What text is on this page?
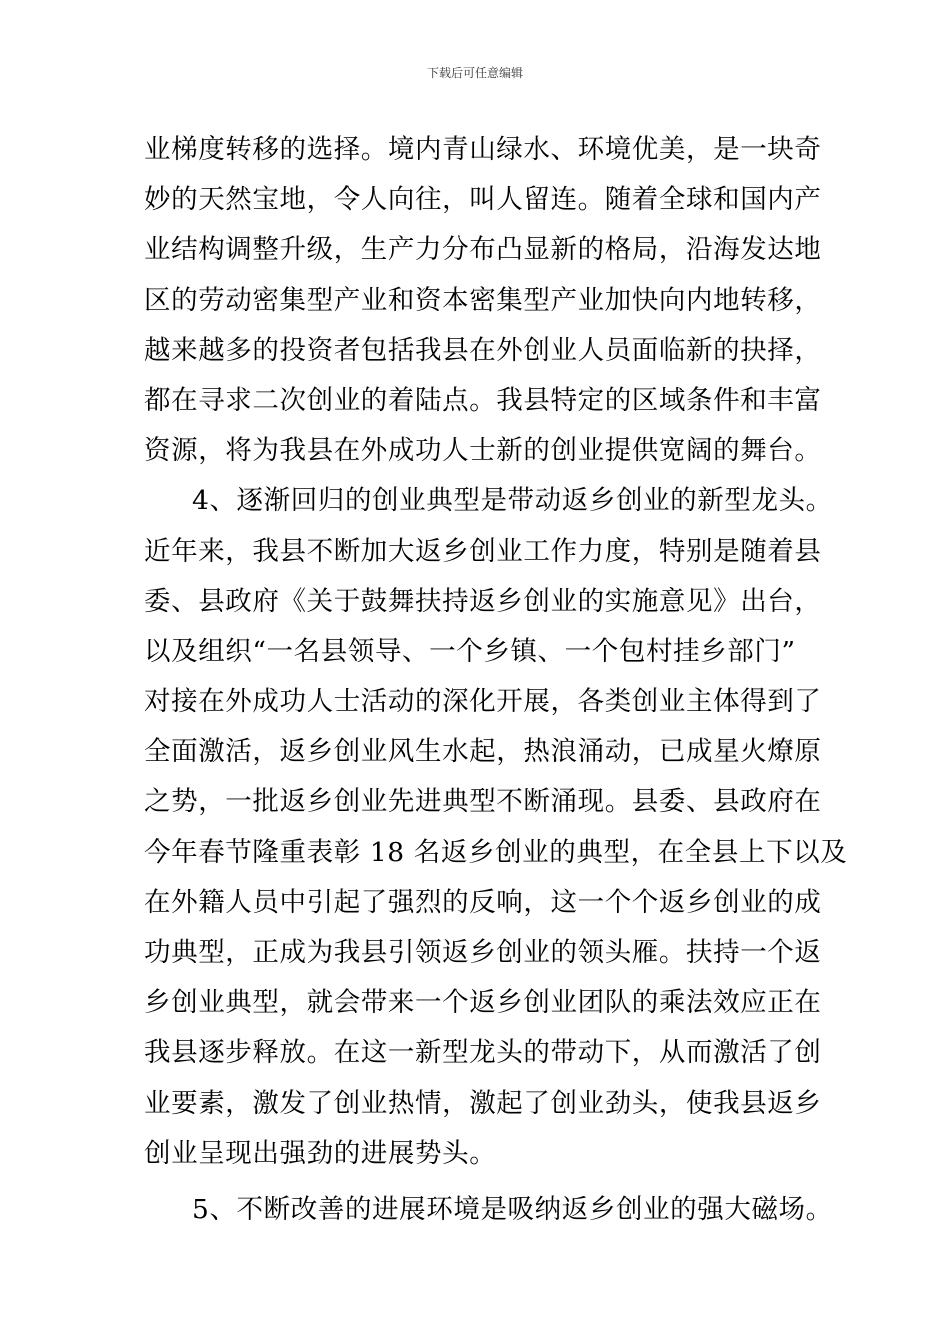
下载后可任意编辑
业梯度转移的选择。境内青山绿水、环境优美，是一块奇
妙的天然宝地，令人向往，叫人留连。随着全球和国内产
业结构调整升级，生产力分布凸显新的格局，沿海发达地
区的劳动密集型产业和资本密集型产业加快向内地转移，
越来越多的投资者包括我县在外创业人员面临新的抉择，
都在寻求二次创业的着陆点。我县特定的区域条件和丰富
资源，将为我县在外成功人士新的创业提供宽阔的舞台。
4、逐渐回归的创业典型是带动返乡创业的新型龙头。
近年来，我县不断加大返乡创业工作力度，特别是随着县
委、县政府《关于鼓舞扶持返乡创业的实施意见》出台，
以及组织“一名县领导、一个乡镇、一个包村挂乡部门”
对接在外成功人士活动的深化开展，各类创业主体得到了
全面激活，返乡创业风生水起，热浪涌动，已成星火燎原
之势，一批返乡创业先进典型不断涌现。县委、县政府在
今年春节隆重表彰 18 名返乡创业的典型，在全县上下以及
在外籍人员中引起了强烈的反响，这一个个返乡创业的成
功典型，正成为我县引领返乡创业的领头雁。扶持一个返
乡创业典型，就会带来一个返乡创业团队的乘法效应正在
我县逐步释放。在这一新型龙头的带动下，从而激活了创
业要素，激发了创业热情，激起了创业劲头，使我县返乡
创业呈现出强劲的进展势头。
5、不断改善的进展环境是吸纳返乡创业的强大磁场。
